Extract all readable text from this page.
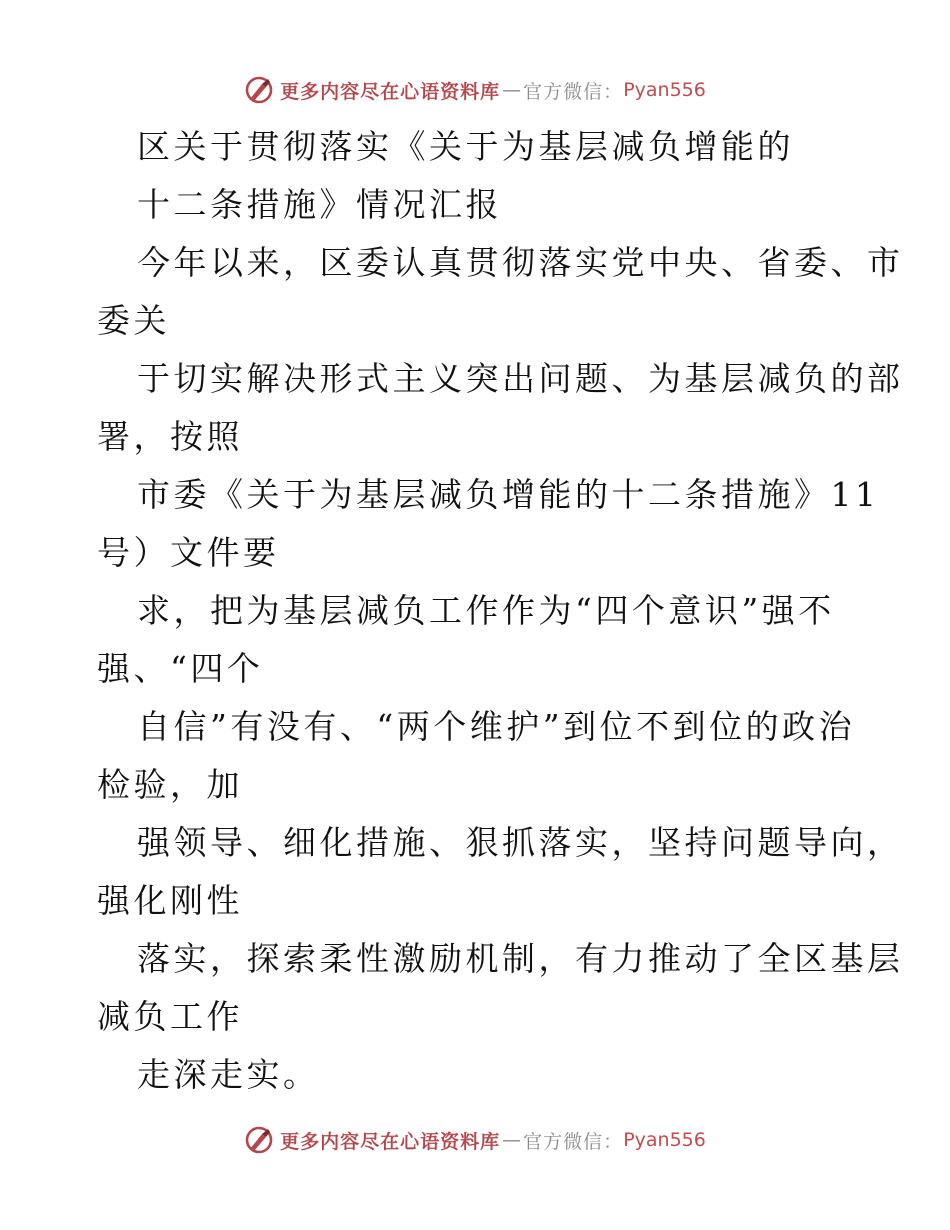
更多内容尽在心语资料库 — 官方微信： Pyan556
区关于贯彻落实《关于为基层减负增能的
十二条措施》情况汇报
今年以来，区委认真贯彻落实党中央、省委、市
委关
于切实解决形式主义突出问题、为基层减负的部
署，按照
市委《关于为基层减负增能的十二条措施》11
号）文件要
求，把为基层减负工作作为“四个意识”强不
强、“四个
自信”有没有、“两个维护”到位不到位的政治
检验，加
强领导、细化措施、狠抓落实，坚持问题导向，
强化刚性
落实，探索柔性激励机制，有力推动了全区基层
减负工作
走深走实。
更多内容尽在心语资料库 — 官方微信： Pyan556
